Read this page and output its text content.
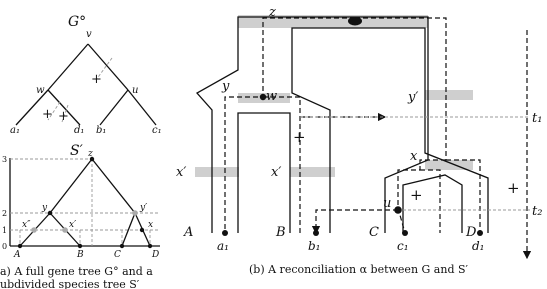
G°
v
w	u
a₁	d₁ b₁	c₁
+
+ +
S′
3
2
1
0
z
y	y′
x″	x′	x
A	B	C	D
a) A full gene tree G° and a
ubdivided species tree S′
z
y
w	y′
x′	x′
x
u
A	B	C	D
a₁	b₁	c₁	d₁
t₁
t₂
+
+	+
(b) A reconciliation α between G and S′
